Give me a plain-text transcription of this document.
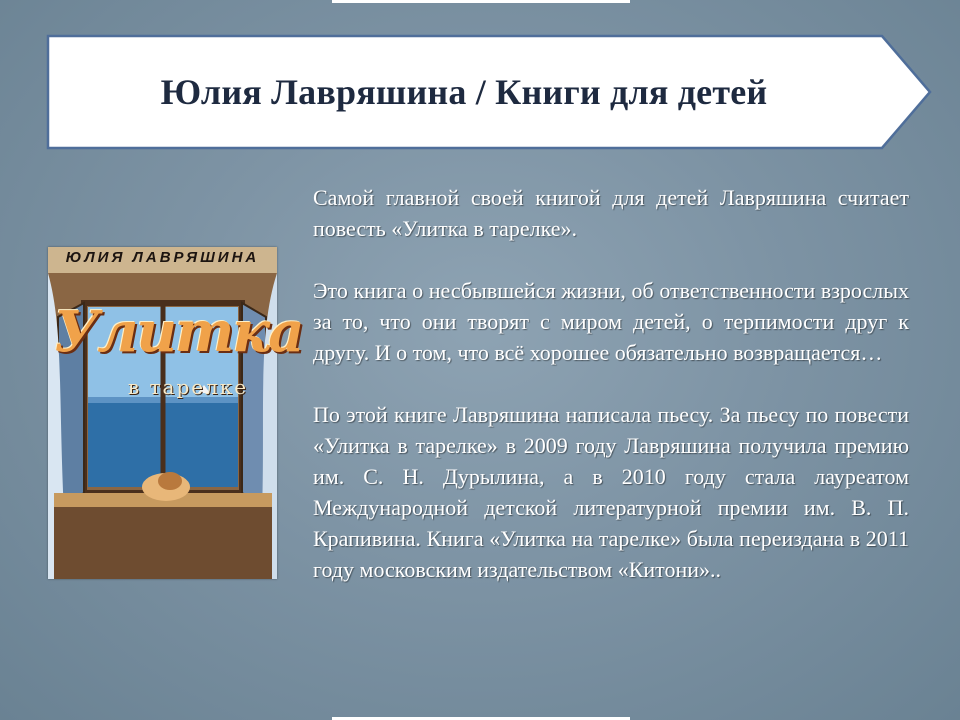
Юлия Лавряшина / Книги для детей
ЮЛИЯ ЛАВРЯШИНА
Улитка
в тарелке

Самой главной своей книгой для детей Лавряшина считает повесть «Улитка в тарелке».

Это книга о несбывшейся жизни, об ответственности взрослых за то, что они творят с миром детей, о терпимости друг к другу. И о том, что всё хорошее обязательно возвращается…

По этой книге Лавряшина написала пьесу. За пьесу по повести «Улитка в тарелке» в 2009 году Лавряшина получила премию им. С. Н. Дурылина, а в 2010 году стала лауреатом Международной детской литературной премии им. В. П. Крапивина. Книга «Улитка на тарелке» была переиздана в 2011 году московским издательством «Китони»..
